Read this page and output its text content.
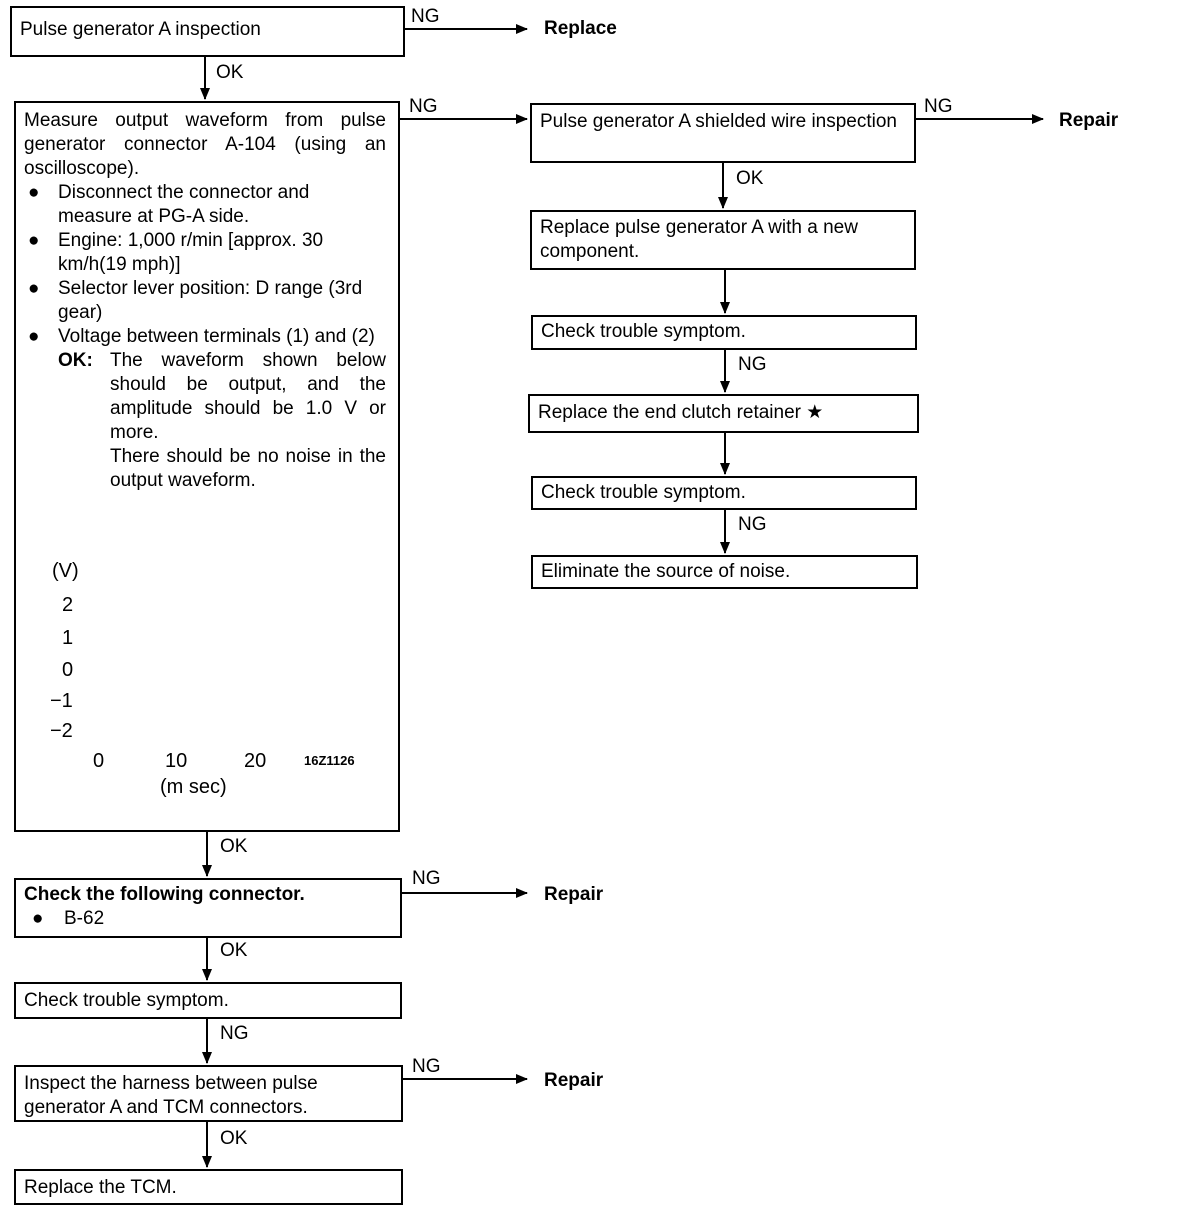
Pulse generator A inspection
NG
Replace
OK
Measure output waveform from pulse generator connector A-104 (using an oscilloscope).
● Disconnect the connector and measure at PG-A side.
● Engine: 1,000 r/min [approx. 30 km/h(19 mph)]
● Selector lever position: D range (3rd gear)
● Voltage between terminals (1) and (2)
OK: The waveform shown below should be output, and the amplitude should be 1.0 V or more.
There should be no noise in the output waveform.
(V)
2
1
0
−1
−2
0	10	20	16Z1126
(m sec)
OK
Check the following connector.
● B-62
NG
Repair
OK
Check trouble symptom.
NG
Inspect the harness between pulse generator A and TCM connectors.
NG
Repair
OK
Replace the TCM.
NG
Pulse generator A shielded wire inspection
NG
Repair
OK
Replace pulse generator A with a new component.
Check trouble symptom.
NG
Replace the end clutch retainer ★
Check trouble symptom.
NG
Eliminate the source of noise.
